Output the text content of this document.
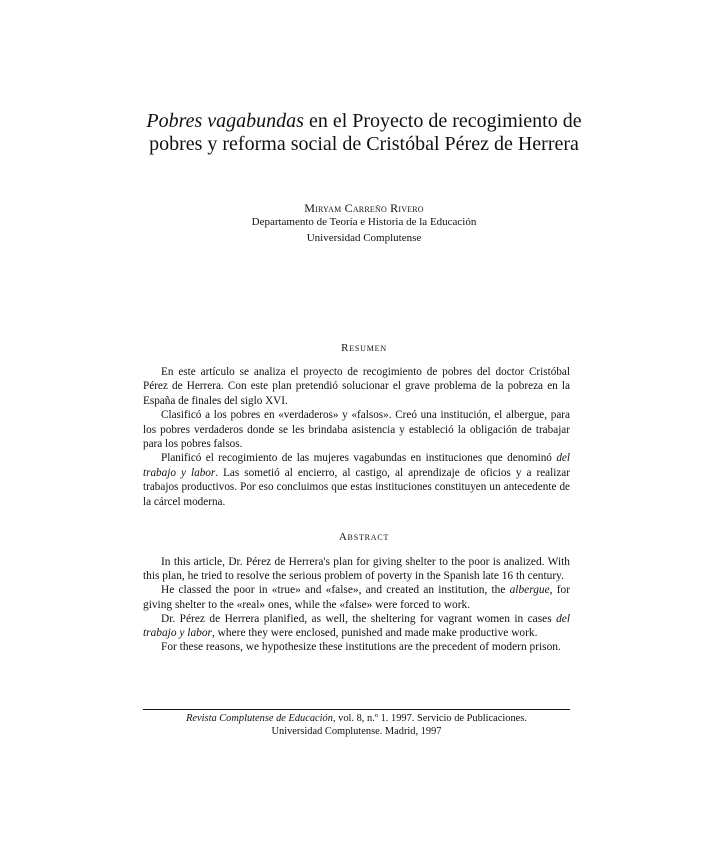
Pobres vagabundas en el Proyecto de recogimiento de pobres y reforma social de Cristóbal Pérez de Herrera
Miryam Carreño Rivero
Departamento de Teoría e Historia de la Educación
Universidad Complutense
Resumen

En este artículo se analiza el proyecto de recogimiento de pobres del doctor Cristóbal Pérez de Herrera. Con este plan pretendió solucionar el grave problema de la pobreza en la España de finales del siglo XVI.

Clasificó a los pobres en «verdaderos» y «falsos». Creó una institución, el albergue, para los pobres verdaderos donde se les brindaba asistencia y estableció la obligación de trabajar para los pobres falsos.

Planificó el recogimiento de las mujeres vagabundas en instituciones que denominó del trabajo y labor. Las sometió al encierro, al castigo, al aprendizaje de oficios y a realizar trabajos productivos. Por eso concluimos que estas instituciones constituyen un antecedente de la cárcel moderna.

Abstract

In this article, Dr. Pérez de Herrera's plan for giving shelter to the poor is analized. With this plan, he tried to resolve the serious problem of poverty in the Spanish late 16 th century.

He classed the poor in «true» and «false», and created an institution, the albergue, for giving shelter to the «real» ones, while the «false» were forced to work.

Dr. Pérez de Herrera planified, as well, the sheltering for vagrant women in cases del trabajo y labor, where they were enclosed, punished and made make productive work.

For these reasons, we hypothesize these institutions are the precedent of modern prison.

Revista Complutense de Educación, vol. 8, n.º 1. 1997. Servicio de Publicaciones.
Universidad Complutense. Madrid, 1997
